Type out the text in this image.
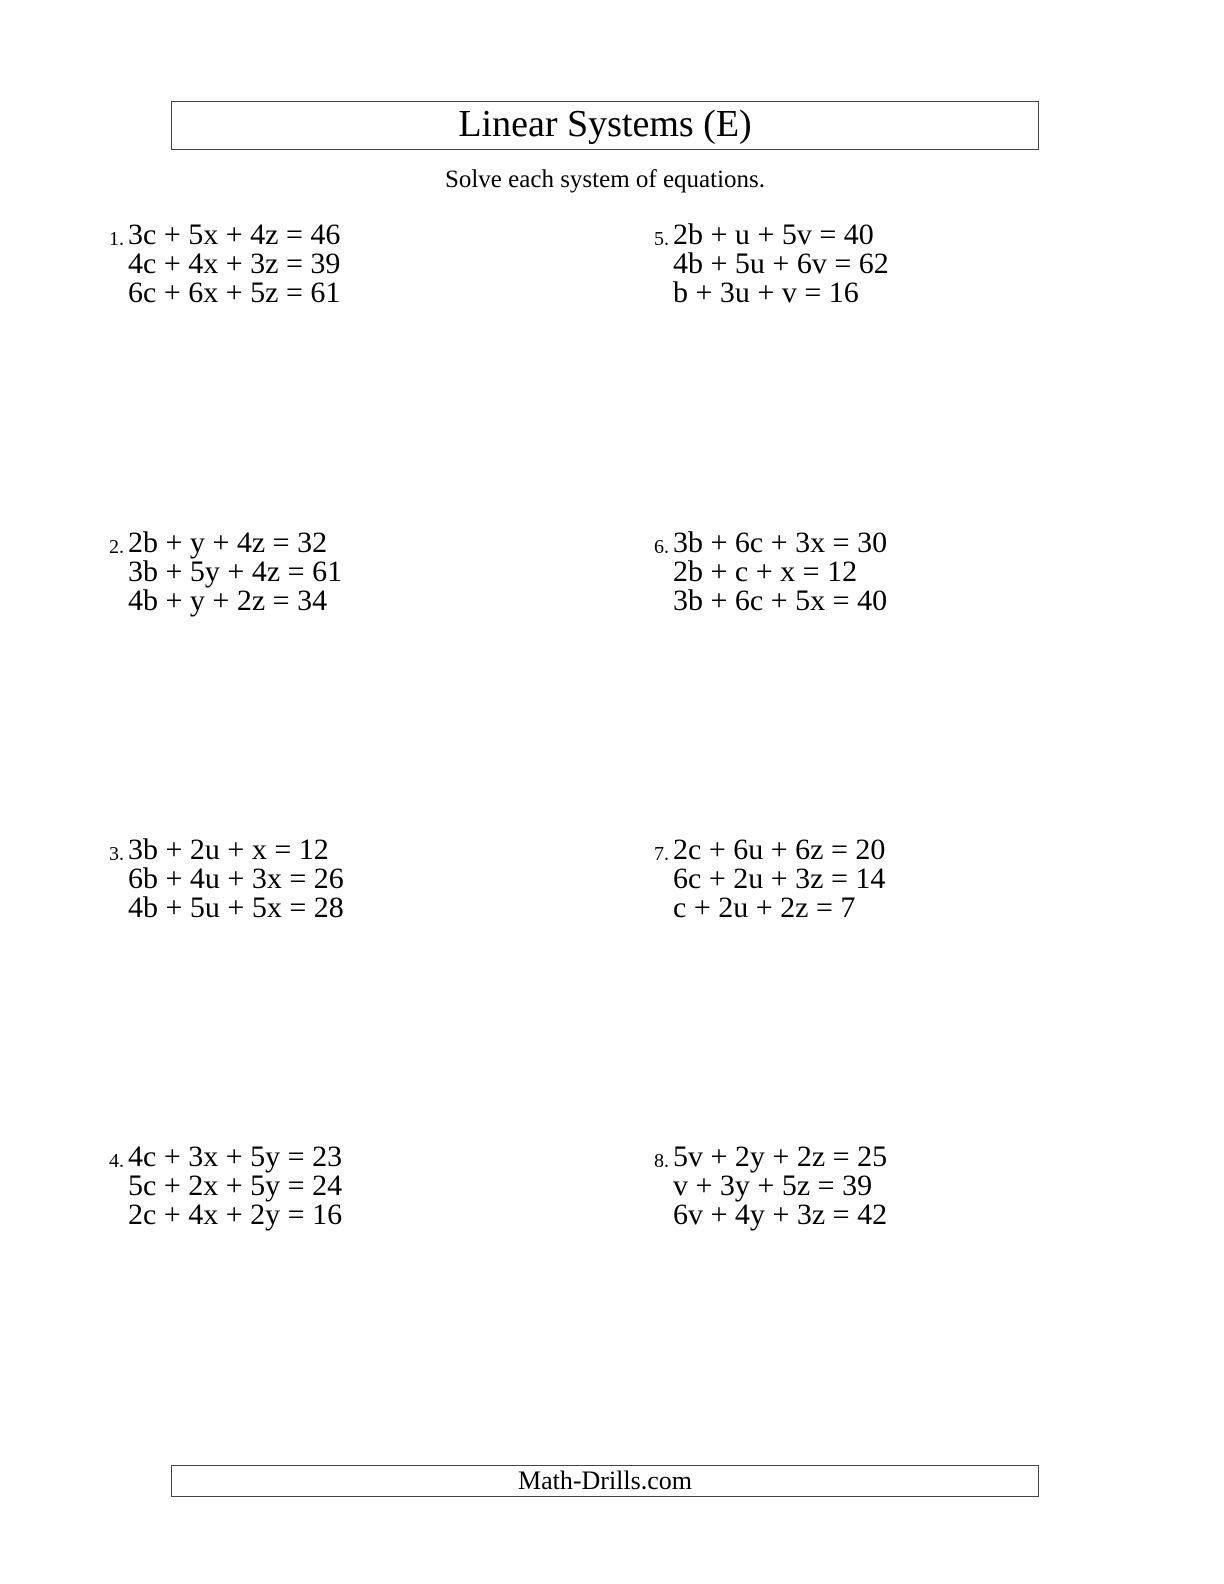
Linear Systems (E)
Solve each system of equations.
1. 3c + 5x + 4z = 46
4c + 4x + 3z = 39
6c + 6x + 5z = 61
2. 2b + y + 4z = 32
3b + 5y + 4z = 61
4b + y + 2z = 34
3. 3b + 2u + x = 12
6b + 4u + 3x = 26
4b + 5u + 5x = 28
4. 4c + 3x + 5y = 23
5c + 2x + 5y = 24
2c + 4x + 2y = 16
5. 2b + u + 5v = 40
4b + 5u + 6v = 62
b + 3u + v = 16
6. 3b + 6c + 3x = 30
2b + c + x = 12
3b + 6c + 5x = 40
7. 2c + 6u + 6z = 20
6c + 2u + 3z = 14
c + 2u + 2z = 7
8. 5v + 2y + 2z = 25
v + 3y + 5z = 39
6v + 4y + 3z = 42
Math-Drills.com
